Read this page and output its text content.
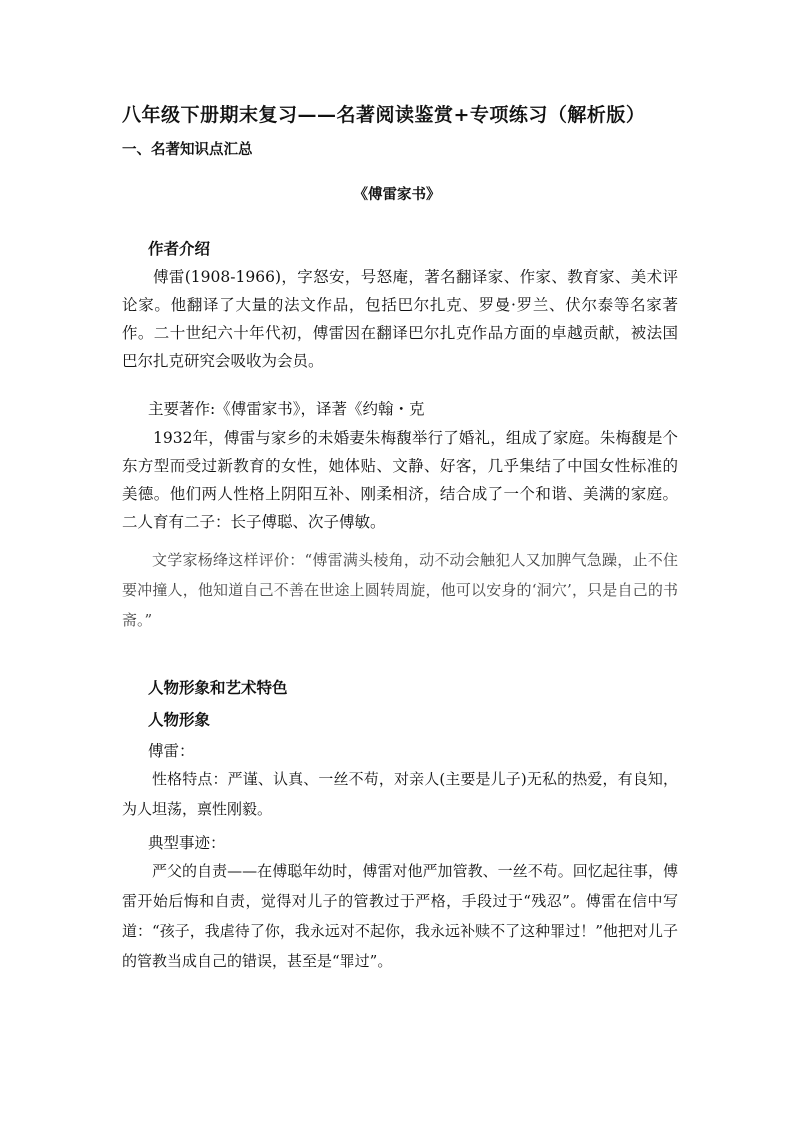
八年级下册期末复习——名著阅读鉴赏+专项练习（解析版）
一、名著知识点汇总
《傅雷家书》
作者介绍

傅雷(1908-1966)，字怒安，号怒庵，著名翻译家、作家、教育家、美术评论家。他翻译了大量的法文作品，包括巴尔扎克、罗曼·罗兰、伏尔泰等名家著作。二十世纪六十年代初，傅雷因在翻译巴尔扎克作品方面的卓越贡献，被法国巴尔扎克研究会吸收为会员。

主要著作:《傅雷家书》，译著《约翰・克

1932年，傅雷与家乡的未婚妻朱梅馥举行了婚礼，组成了家庭。朱梅馥是个东方型而受过新教育的女性，她体贴、文静、好客，几乎集结了中国女性标准的美德。他们两人性格上阴阳互补、刚柔相济，结合成了一个和谐、美满的家庭。二人育有二子：长子傅聪、次子傅敏。

文学家杨绛这样评价：“傅雷满头棱角，动不动会触犯人又加脾气急躁，止不住要冲撞人，他知道自己不善在世途上圆转周旋，他可以安身的‘洞穴’，只是自己的书斋。”

人物形象和艺术特色
人物形象
傅雷：

性格特点：严谨、认真、一丝不苟，对亲人(主要是儿子)无私的热爱，有良知，为人坦荡，禀性刚毅。

典型事迹：

严父的自责——在傅聪年幼时，傅雷对他严加管教、一丝不苟。回忆起往事，傅雷开始后悔和自责，觉得对儿子的管教过于严格，手段过于“残忍”。傅雷在信中写道：“孩子，我虐待了你，我永远对不起你，我永远补赎不了这种罪过！”他把对儿子的管教当成自己的错误，甚至是“罪过”。
